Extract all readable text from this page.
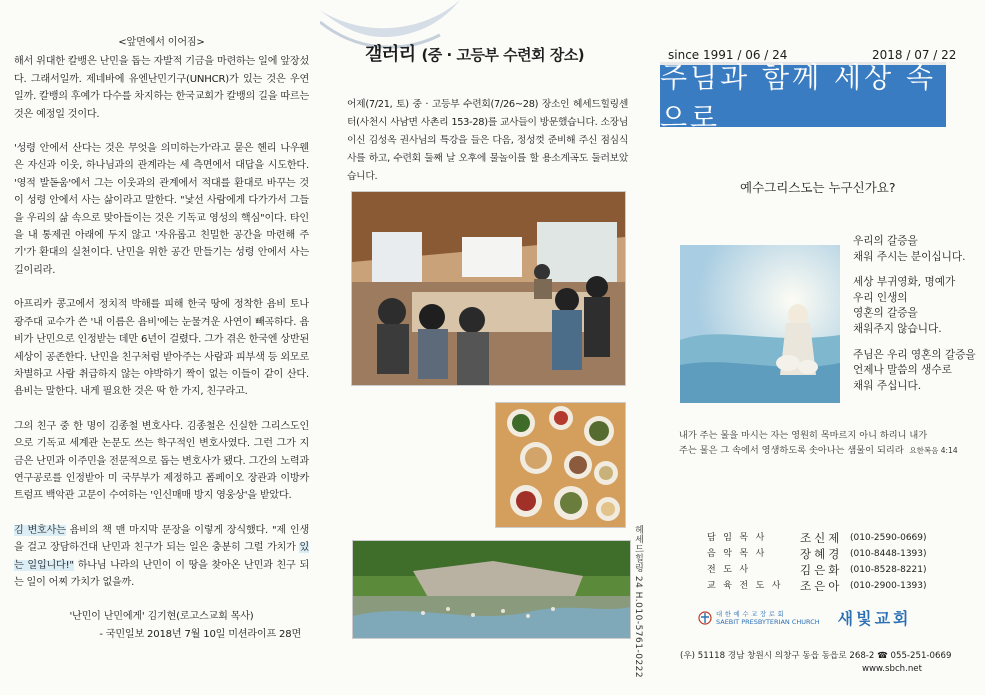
<앞면에서 이어짐>

해서 위대한 칼뱅은 난민을 돕는 자발적 기금을 마련하는 일에 앞장섰다. 그래서일까. 제네바에 유엔난민기구(UNHCR)가 있는 것은 우연일까. 칼뱅의 후예가 다수를 차지하는 한국교회가 칼뱅의 길을 따르는 것은 예정일 것이다.

'성령 안에서 산다는 것은 무엇을 의미하는가'라고 묻은 헨리 나우웬은 자신과 이웃, 하나님과의 관계라는 세 측면에서 대답을 시도한다. '영적 발돋움'에서 그는 이웃과의 관계에서 적대를 환대로 바꾸는 것이 성령 안에서 사는 삶이라고 말한다. "낯선 사람에게 다가가서 그들을 우리의 삶 속으로 맞아들이는 것은 기독교 영성의 핵심"이다. 타인을 내 통제권 아래에 두지 않고 '자유롭고 친밀한 공간을 마련해 주기'가 환대의 실천이다. 난민을 위한 공간 만들기는 성령 안에서 사는 길이리라.

아프리카 콩고에서 정치적 박해를 피해 한국 땅에 정착한 욤비 토나 광주대 교수가 쓴 '내 이름은 욤비'에는 눈물겨운 사연이 빼곡하다. 욤비가 난민으로 인정받는 데만 6년이 걸렸다. 그가 겪은 한국엔 상반된 세상이 공존한다. 난민을 친구처럼 받아주는 사람과 피부색 등 외모로 차별하고 사람 취급하지 않는 야박하기 짝이 없는 이들이 같이 산다. 욤비는 말한다. 내게 필요한 것은 딱 한 가지, 친구라고.

그의 친구 중 한 명이 김종철 변호사다. 김종철은 신실한 그리스도인으로 기독교 세계관 논문도 쓰는 학구적인 변호사였다. 그런 그가 지금은 난민과 이주민을 전문적으로 돕는 변호사가 됐다. 그간의 노력과 연구공로를 인정받아 미 국무부가 제정하고 폼페이오 장관과 이방카 트럼프 백악관 고문이 수여하는 '인신매매 방지 영웅상'을 받았다.

김 변호사는 욤비의 책 맨 마지막 문장을 이렇게 장식했다. "제 인생을 걸고 장담하건대 난민과 친구가 되는 일은 충분히 그럴 가치가 있는 일입니다!" 하나님 나라의 난민이 이 땅을 찾아온 난민과 친구 되는 일이 어찌 가치가 없을까.

'난민이 난민에게' 김기현(로고스교회 목사)
- 국민일보 2018년 7월 10일 미션라이프 28면
갤러리 (중 · 고등부 수련회 장소)
어제(7/21, 토) 중 · 고등부 수련회(7/26~28) 장소인 헤세드힐링센터(사천시 사남면 사촌리 153-28)를 교사들이 방문했습니다. 소장님이신 김성옥 권사님의 특강을 들은 다음, 정성껏 준비해 주신 점심식사를 하고, 수련회 둘째 날 오후에 물놀이를 할 용소계곡도 둘러보았습니다.
헤세드힐링 24 H.010-5761-0222
since 1991 / 06 / 24	2018 / 07 / 22
주님과 함께 세상 속으로
예수그리스도는 누구신가요?

우리의 갈증을
채워 주시는 분이십니다.

세상 부귀영화, 명예가
우리 인생의
영혼의 갈증을
채워주지 않습니다.

주님은 우리 영혼의 갈증을
언제나 말씀의 생수로
채워 주십니다.

내가 주는 물을 마시는 자는 영원히 목마르지 아니 하리니 내가
주는 물은 그 속에서 영생하도록 솟아나는 샘물이 되리라 요한복음 4:14
담임목사	조신제 (010-2590-0669)
음악목사	장혜경 (010-8448-1393)
전도사	김은화 (010-8528-8221)
교육전도사	조은아 (010-2900-1393)
대한예수교장로회
SAEBIT PRESBYTERIAN CHURCH 새빛교회
(우) 51118 경남 창원시 의창구 동읍 동읍로 268-2 ☎ 055-251-0669
www.sbch.net
